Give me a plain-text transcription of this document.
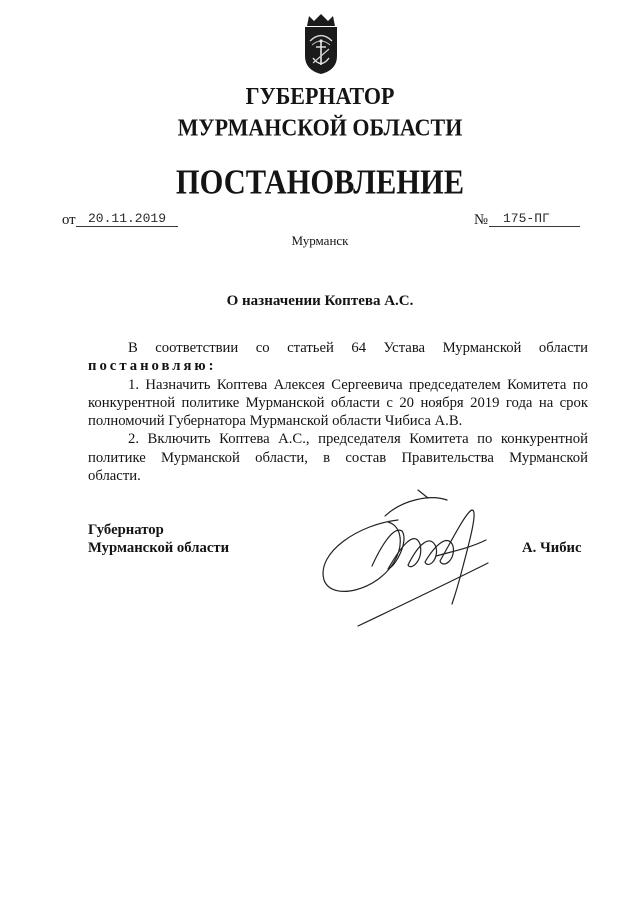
ГУБЕРНАТОР
МУРМАНСКОЙ ОБЛАСТИ
ПОСТАНОВЛЕНИЕ
от 20.11.2019	№	175-ПГ
Мурманск
О назначении Коптева А.С.
В соответствии со статьей 64 Устава Мурманской области
постановляю:
1. Назначить Коптева Алексея Сергеевича председателем Комитета по
конкурентной политике Мурманской области с 20 ноября 2019 года на срок
полномочий Губернатора Мурманской области Чибиса А.В.
2. Включить Коптева А.С., председателя Комитета по конкурентной
политике Мурманской области, в состав Правительства Мурманской
области.
Губернатор
Мурманской области	А. Чибис
